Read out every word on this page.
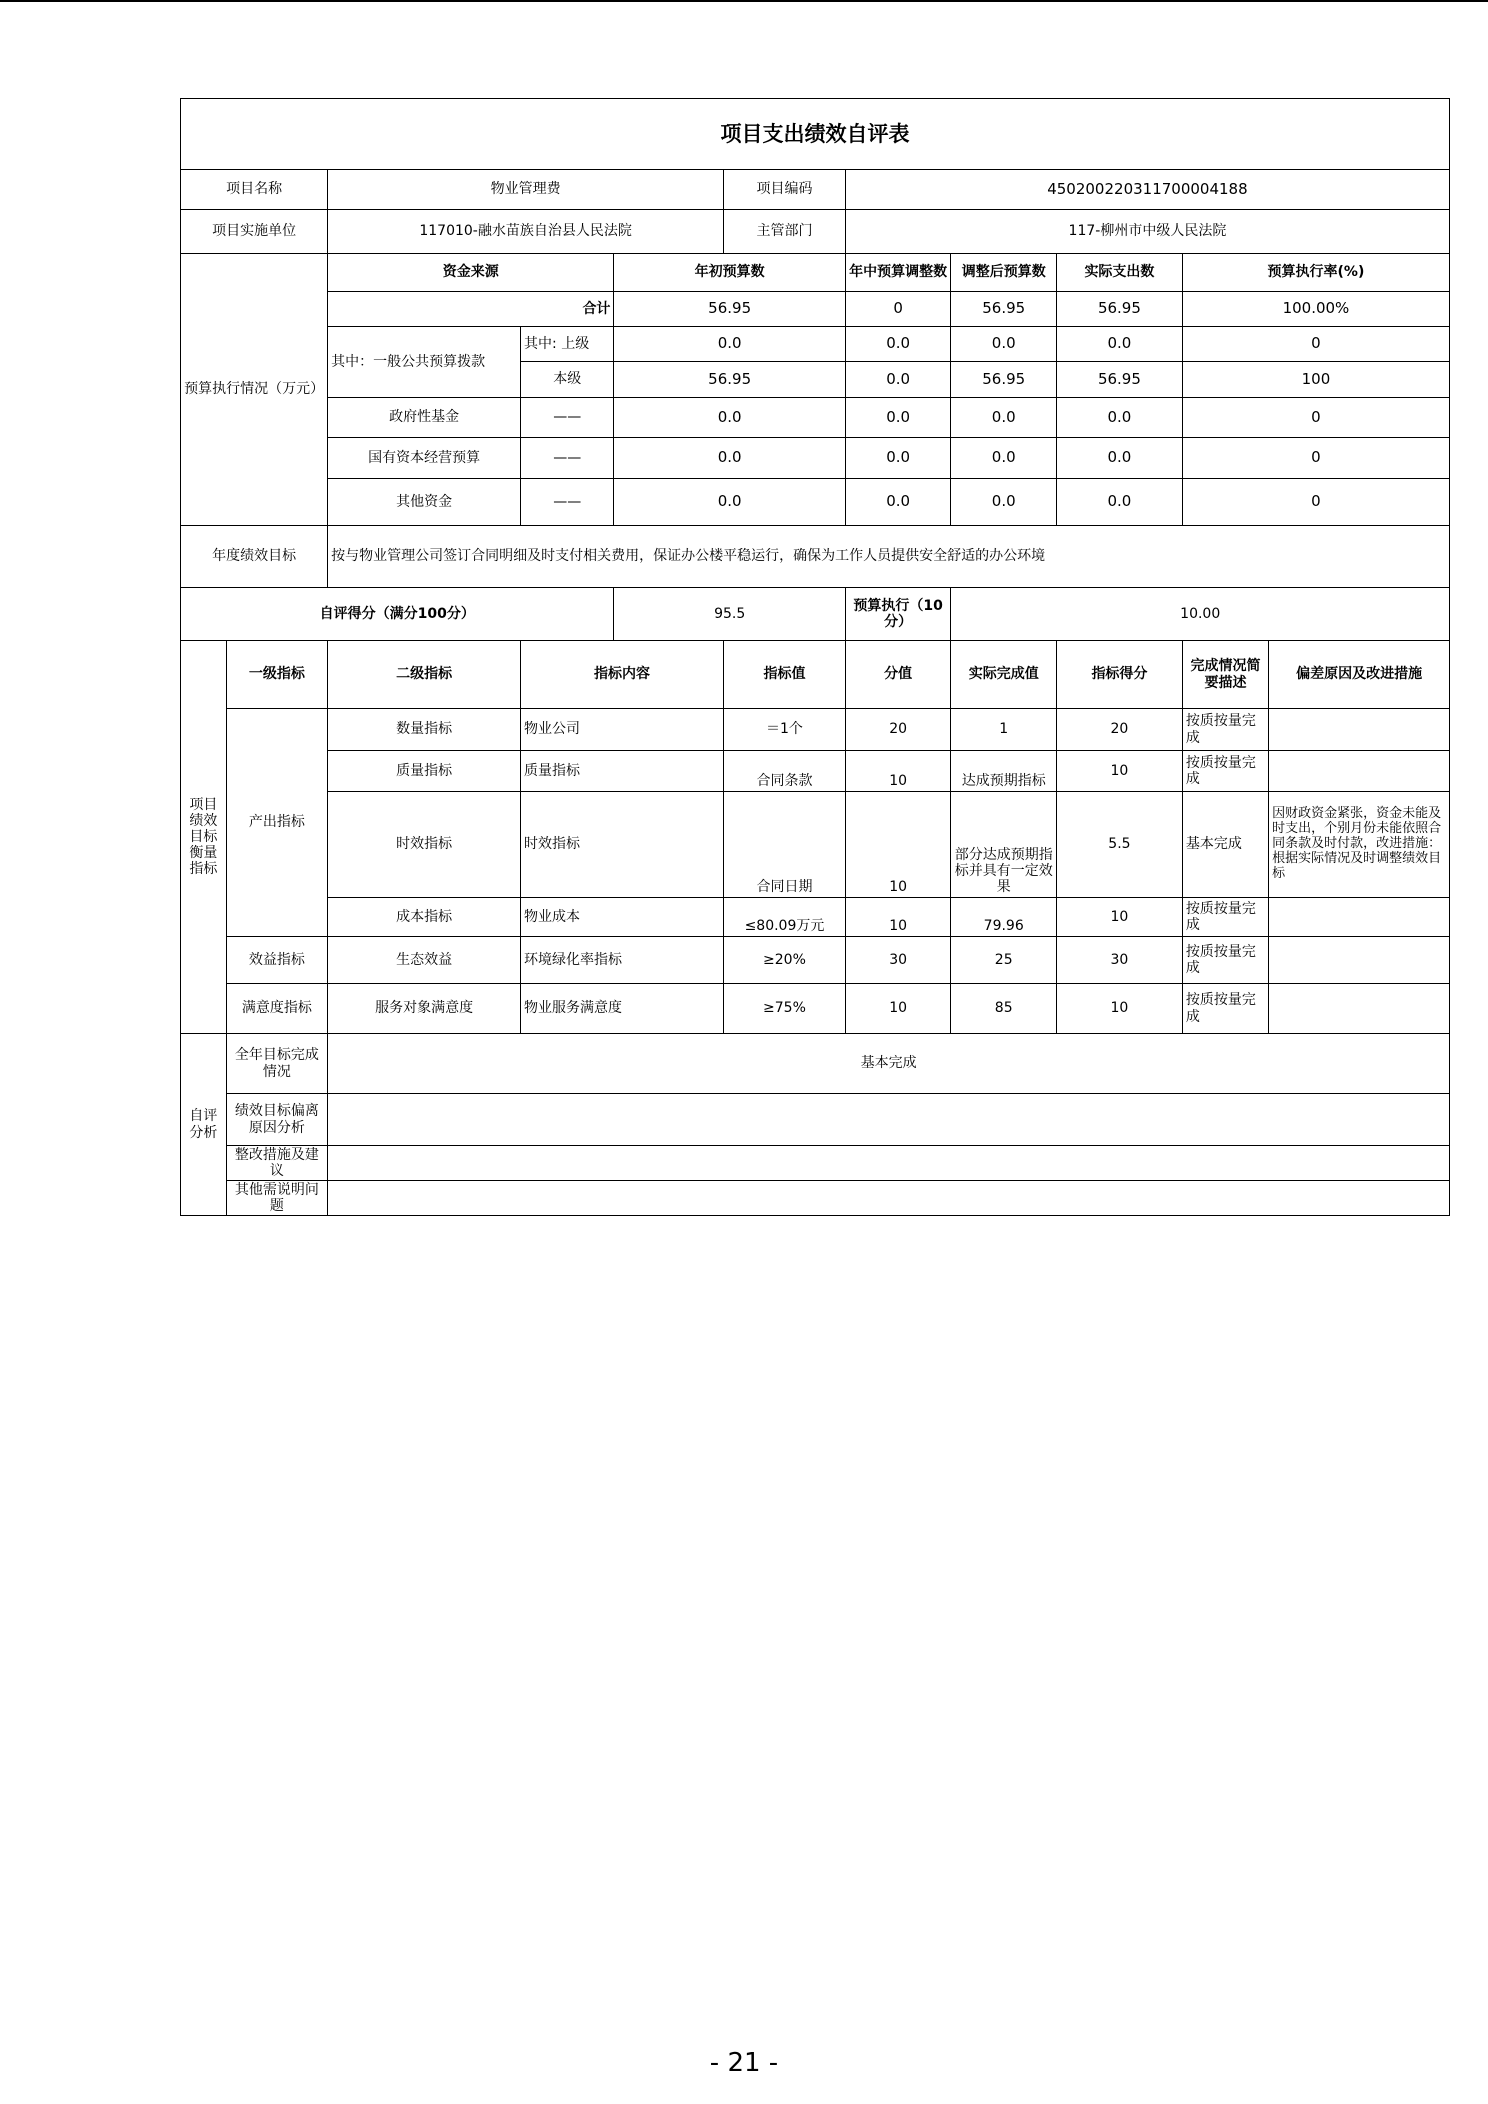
项目支出绩效自评表										
项目名称		物业管理费			项目编码	450200220311700004188				
项目实施单位		117010-融水苗族自治县人民法院			主管部门	117-柳州市中级人民法院				
预算执行情况（万元）		资金来源		年初预算数		年中预算调整数	调整后预算数	实际支出数	预算执行率(%)	
		合计		56.95		0	56.95	56.95	100.00%	
		其中：一般公共预算拨款	其中: 上级	0.0		0.0	0.0	0.0	0	
			本级	56.95		0.0	56.95	56.95	100	
		政府性基金	——	0.0		0.0	0.0	0.0	0	
		国有资本经营预算	——	0.0		0.0	0.0	0.0	0	
		其他资金	——	0.0		0.0	0.0	0.0	0	
年度绩效目标		按与物业管理公司签订合同明细及时支付相关费用，保证办公楼平稳运行，确保为工作人员提供安全舒适的办公环境								
自评得分（满分100分）				95.5		预算执行（10分）	10.00			
项目绩效目标衡量指标	一级指标	二级指标	指标内容		指标值	分值	实际完成值	指标得分	完成情况简要描述	偏差原因及改进措施
	产出指标	数量指标	物业公司		＝1个	20	1	20	按质按量完成	
		质量指标	质量指标		合同条款	10	达成预期指标	10	按质按量完成	
		时效指标	时效指标		合同日期	10	部分达成预期指标并具有一定效果	5.5	基本完成	因财政资金紧张，资金未能及时支出，个别月份未能依照合同条款及时付款，改进措施：根据实际情况及时调整绩效目标
		成本指标	物业成本		≤80.09万元	10	79.96	10	按质按量完成	
	效益指标	生态效益	环境绿化率指标		≥20%	30	25	30	按质按量完成	
	满意度指标	服务对象满意度	物业服务满意度		≥75%	10	85	10	按质按量完成	
自评分析	全年目标完成情况	基本完成								
	绩效目标偏离原因分析									
	整改措施及建议									
	其他需说明问题									
- 21 -
